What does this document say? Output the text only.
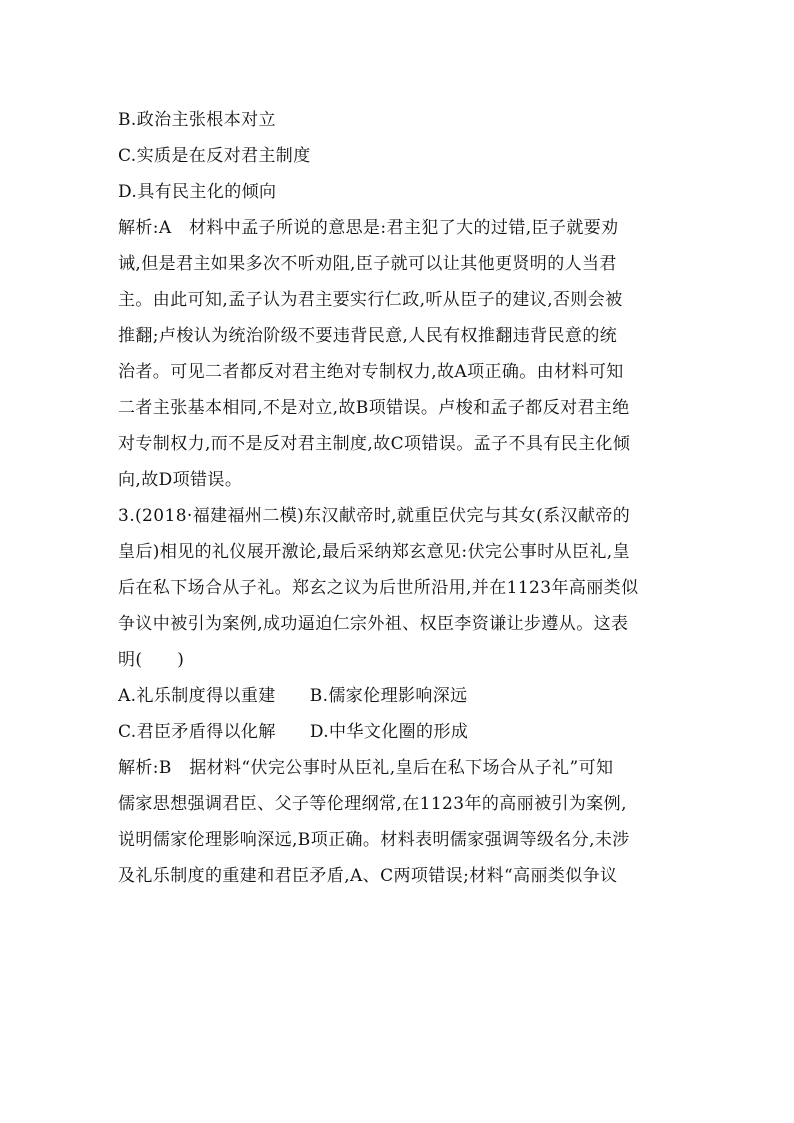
B.政治主张根本对立
C.实质是在反对君主制度
D.具有民主化的倾向
解析:A　材料中孟子所说的意思是:君主犯了大的过错,臣子就要劝
诫,但是君主如果多次不听劝阻,臣子就可以让其他更贤明的人当君
主。由此可知,孟子认为君主要实行仁政,听从臣子的建议,否则会被
推翻;卢梭认为统治阶级不要违背民意,人民有权推翻违背民意的统
治者。可见二者都反对君主绝对专制权力,故A项正确。由材料可知
二者主张基本相同,不是对立,故B项错误。卢梭和孟子都反对君主绝
对专制权力,而不是反对君主制度,故C项错误。孟子不具有民主化倾
向,故D项错误。
3.(2018·福建福州二模)东汉献帝时,就重臣伏完与其女(系汉献帝的
皇后)相见的礼仪展开激论,最后采纳郑玄意见:伏完公事时从臣礼,皇
后在私下场合从子礼。郑玄之议为后世所沿用,并在1123年高丽类似
争议中被引为案例,成功逼迫仁宗外祖、权臣李资谦让步遵从。这表
明(　　)
A.礼乐制度得以重建 B.儒家伦理影响深远
C.君臣矛盾得以化解 D.中华文化圈的形成
解析:B　据材料“伏完公事时从臣礼,皇后在私下场合从子礼”可知
儒家思想强调君臣、父子等伦理纲常,在1123年的高丽被引为案例,
说明儒家伦理影响深远,B项正确。材料表明儒家强调等级名分,未涉
及礼乐制度的重建和君臣矛盾,A、C两项错误;材料“高丽类似争议
